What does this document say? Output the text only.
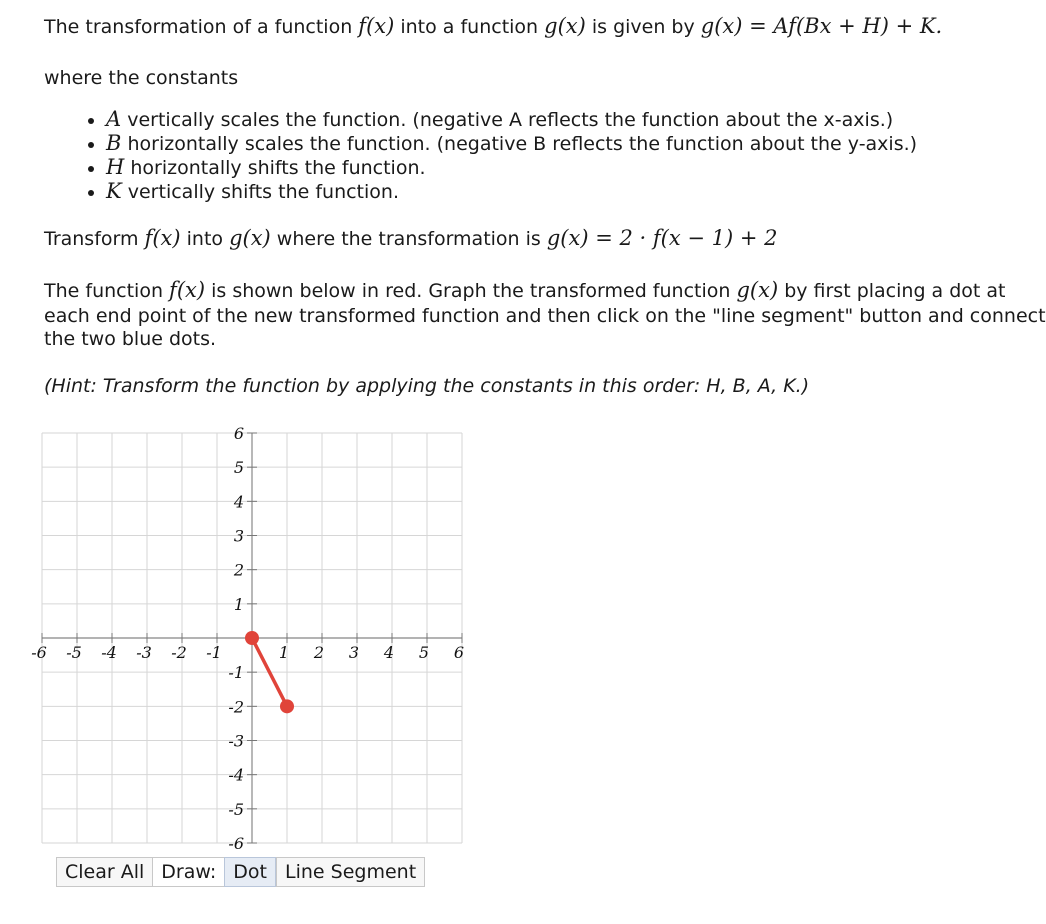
The transformation of a function f(x) into a function g(x) is given by g(x) = Af(Bx + H) + K.
where the constants
• A vertically scales the function. (negative A reflects the function about the x-axis.)
• B horizontally scales the function. (negative B reflects the function about the y-axis.)
• H horizontally shifts the function.
• K vertically shifts the function.
Transform f(x) into g(x) where the transformation is g(x) = 2 · f(x − 1) + 2
The function f(x) is shown below in red. Graph the transformed function g(x) by first placing a dot at
each end point of the new transformed function and then click on the "line segment" button and connect
the two blue dots.
(Hint: Transform the function by applying the constants in this order: H, B, A, K.)
-6 -5 -4 -3 -2 -1	1 2 3 4 5 6
6
5
4
3
2
1
-1
-2
-3
-4
-5
-6
Clear All Draw: Dot Line Segment
